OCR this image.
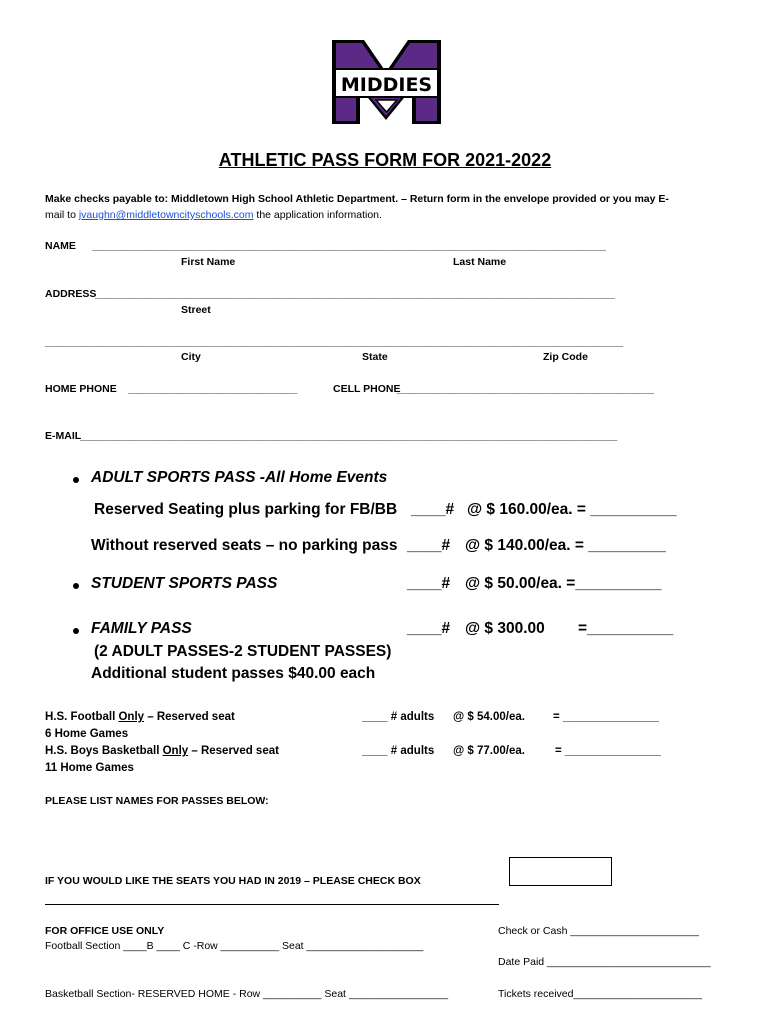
MIDDIES
ATHLETIC PASS FORM FOR 2021-2022
Make checks payable to: Middletown High School Athletic Department. – Return form in the envelope provided or you may E-
mail to jvaughn@middletowncityschools.com the application information.
NAME ________________________________________________________________________________________
First Name	Last Name
ADDRESS
_________________________________________________________________________________________
Street
___________________________________________________________________________________________________
City	State	Zip Code
HOME PHONE _____________________________	CELL PHONE
____________________________________________
E-MAIL
____________________________________________________________________________________________
ADULT SPORTS PASS -All Home Events
Reserved Seating plus parking for FB/BB ____# @ $ 160.00/ea. = __________
Without reserved seats – no parking pass ____# @ $ 140.00/ea. = _________
STUDENT SPORTS PASS	____# @ $ 50.00/ea. =__________
FAMILY PASS	____# @ $ 300.00 =__________
(2 ADULT PASSES-2 STUDENT PASSES)
Additional student passes $40.00 each
H.S. Football Only – Reserved seat
6 Home Games
____ # adults @ $ 54.00/ea. = _______________
H.S. Boys Basketball Only – Reserved seat
11 Home Games
____ # adults @ $ 77.00/ea.	= _______________
PLEASE LIST NAMES FOR PASSES BELOW:
IF YOU WOULD LIKE THE SEATS YOU HAD IN 2019 – PLEASE CHECK BOX
FOR OFFICE USE ONLY
Football Section ____B ____ C -Row __________ Seat ____________________
Basketball Section- RESERVED HOME - Row __________ Seat _________________
Check or Cash ______________________
Date Paid ____________________________
Tickets received______________________
